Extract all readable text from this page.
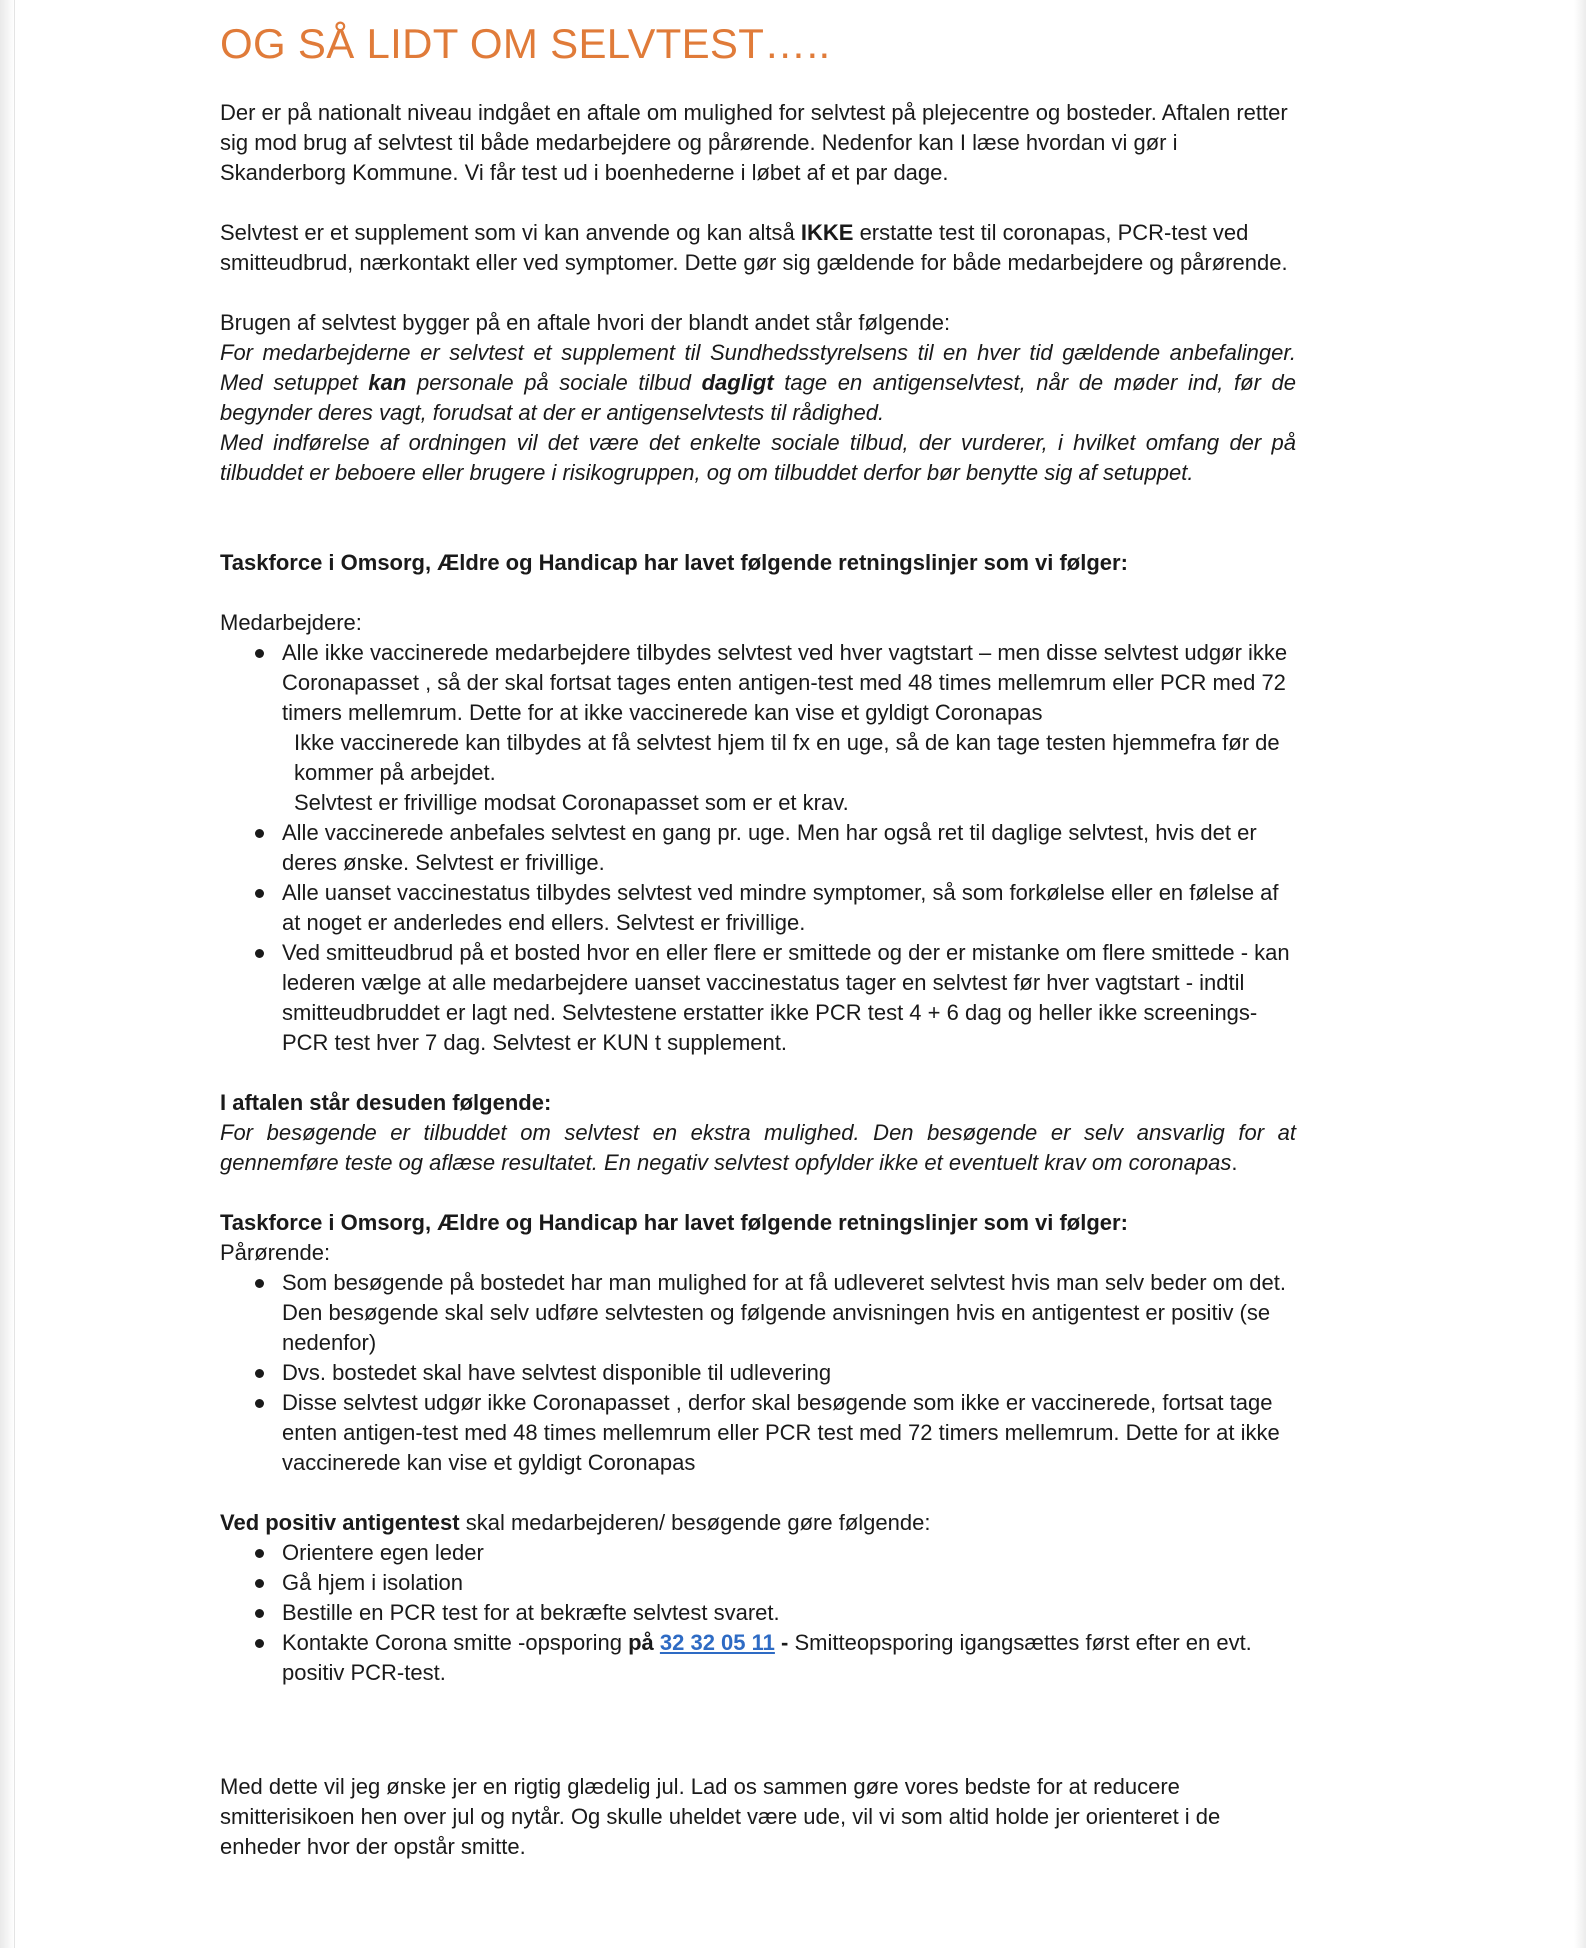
OG SÅ LIDT OM SELVTEST…..

Der er på nationalt niveau indgået en aftale om mulighed for selvtest på plejecentre og bosteder. Aftalen retter sig mod brug af selvtest til både medarbejdere og pårørende. Nedenfor kan I læse hvordan vi gør i Skanderborg Kommune. Vi får test ud i boenhederne i løbet af et par dage.

Selvtest er et supplement som vi kan anvende og kan altså IKKE erstatte test til coronapas, PCR-test ved smitteudbrud, nærkontakt eller ved symptomer. Dette gør sig gældende for både medarbejdere og pårørende.

Brugen af selvtest bygger på en aftale hvori der blandt andet står følgende:

For medarbejderne er selvtest et supplement til Sundhedsstyrelsens til en hver tid gældende anbefalinger. Med setuppet kan personale på sociale tilbud dagligt tage en antigenselvtest, når de møder ind, før de begynder deres vagt, forudsat at der er antigenselvtests til rådighed.

Med indførelse af ordningen vil det være det enkelte sociale tilbud, der vurderer, i hvilket omfang der på tilbuddet er beboere eller brugere i risikogruppen, og om tilbuddet derfor bør benytte sig af setuppet.

Taskforce i Omsorg, Ældre og Handicap har lavet følgende retningslinjer som vi følger:

Medarbejdere:

Alle ikke vaccinerede medarbejdere tilbydes selvtest ved hver vagtstart – men disse selvtest udgør ikke Coronapasset , så der skal fortsat tages enten antigen-test med 48 times mellemrum eller PCR med 72 timers mellemrum. Dette for at ikke vaccinerede kan vise et gyldigt Coronapas
Ikke vaccinerede kan tilbydes at få selvtest hjem til fx en uge, så de kan tage testen hjemmefra før de kommer på arbejdet.
Selvtest er frivillige modsat Coronapasset som er et krav.
Alle vaccinerede anbefales selvtest en gang pr. uge. Men har også ret til daglige selvtest, hvis det er deres ønske. Selvtest er frivillige.
Alle uanset vaccinestatus tilbydes selvtest ved mindre symptomer, så som forkølelse eller en følelse af at noget er anderledes end ellers. Selvtest er frivillige.
Ved smitteudbrud på et bosted hvor en eller flere er smittede og der er mistanke om flere smittede - kan lederen vælge at alle medarbejdere uanset vaccinestatus tager en selvtest før hver vagtstart - indtil smitteudbruddet er lagt ned. Selvtestene erstatter ikke PCR test 4 + 6 dag og heller ikke screenings-PCR test hver 7 dag. Selvtest er KUN t supplement.

I aftalen står desuden følgende:

For besøgende er tilbuddet om selvtest en ekstra mulighed. Den besøgende er selv ansvarlig for at gennemføre teste og aflæse resultatet. En negativ selvtest opfylder ikke et eventuelt krav om coronapas.

Taskforce i Omsorg, Ældre og Handicap har lavet følgende retningslinjer som vi følger:

Pårørende:

Som besøgende på bostedet har man mulighed for at få udleveret selvtest hvis man selv beder om det. Den besøgende skal selv udføre selvtesten og følgende anvisningen hvis en antigentest er positiv (se nedenfor)
Dvs. bostedet skal have selvtest disponible til udlevering
Disse selvtest udgør ikke Coronapasset , derfor skal besøgende som ikke er vaccinerede, fortsat tage enten antigen-test med 48 times mellemrum eller PCR test med 72 timers mellemrum. Dette for at ikke vaccinerede kan vise et gyldigt Coronapas

Ved positiv antigentest skal medarbejderen/ besøgende gøre følgende:

Orientere egen leder
Gå hjem i isolation
Bestille en PCR test for at bekræfte selvtest svaret.
Kontakte Corona smitte -opsporing på 32 32 05 11 - Smitteopsporing igangsættes først efter en evt. positiv PCR-test.

Med dette vil jeg ønske jer en rigtig glædelig jul. Lad os sammen gøre vores bedste for at reducere smitterisikoen hen over jul og nytår. Og skulle uheldet være ude, vil vi som altid holde jer orienteret i de enheder hvor der opstår smitte.
